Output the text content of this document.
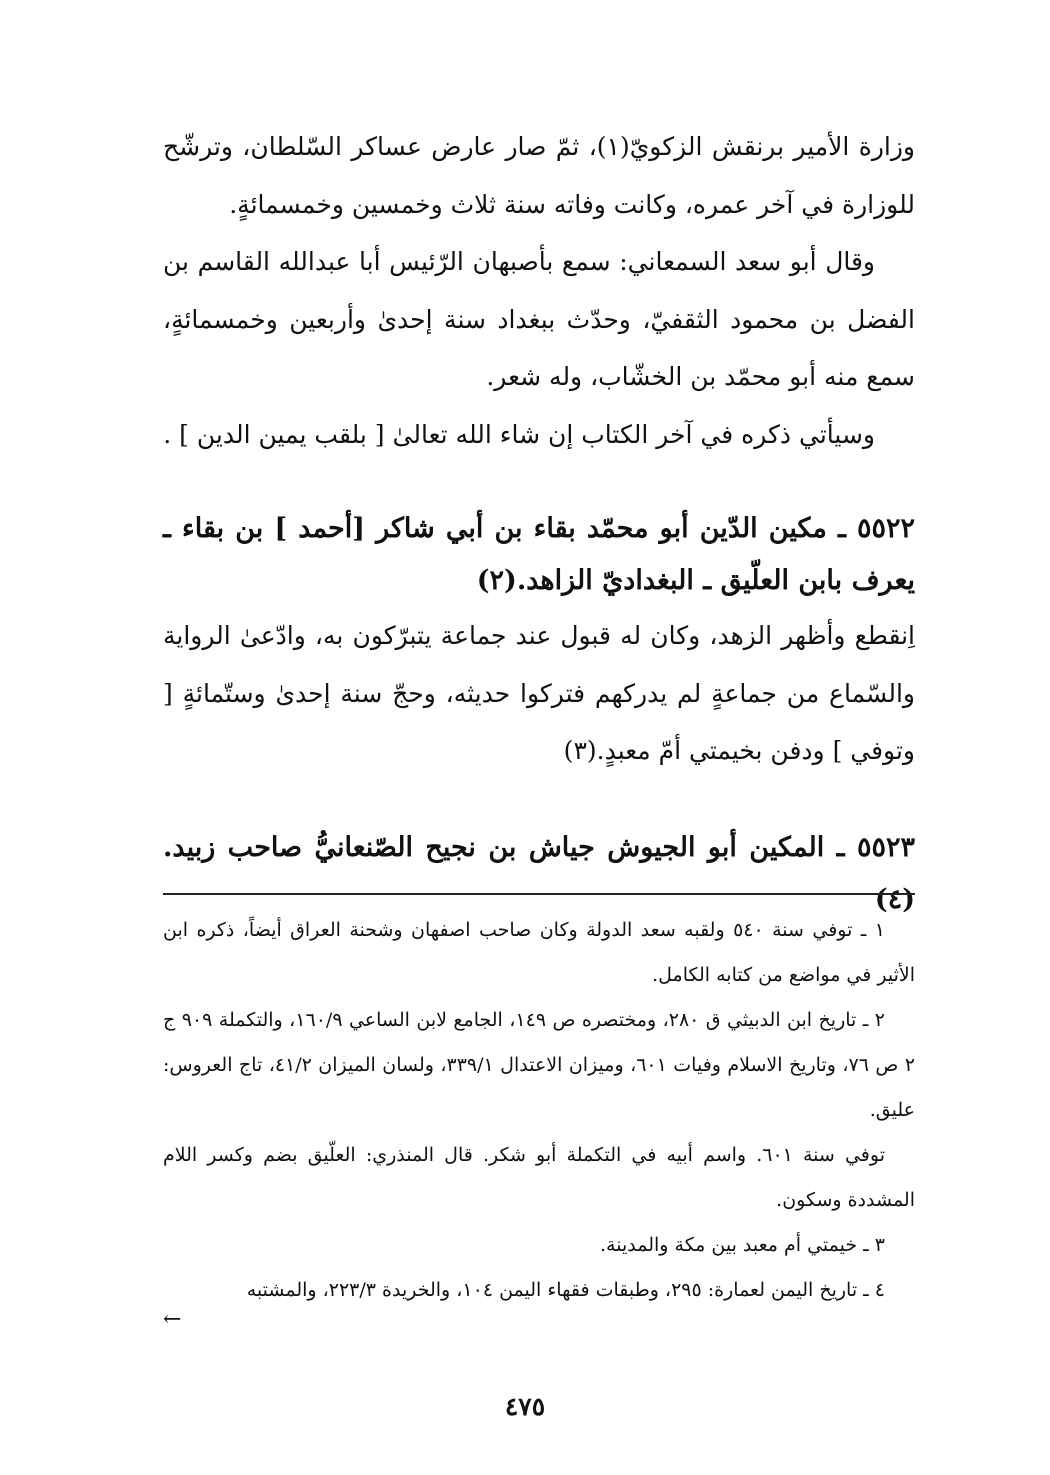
وزارة الأمير برنقش الزكويّ(١)، ثمّ صار عارض عساكر السّلطان، وترشّح للوزارة في آخر عمره، وكانت وفاته سنة ثلاث وخمسين وخمسمائةٍ.

وقال أبو سعد السمعاني: سمع بأصبهان الرّئيس أبا عبدالله القاسم بن الفضل بن محمود الثقفيّ، وحدّث ببغداد سنة إحدىٰ وأربعين وخمسمائةٍ، سمع منه أبو محمّد بن الخشّاب، وله شعر.

وسيأتي ذكره في آخر الكتاب إن شاء الله تعالىٰ [ بلقب يمين الدين ] .

٥٥٢٢ ـ مكين الدّين أبو محمّد بقاء بن أبي شاكر [أحمد ] بن بقاء ـ يعرف بابن العلّيق ـ البغداديّ الزاهد.(٢)

اِنقطع وأظهر الزهد، وكان له قبول عند جماعة يتبرّكون به، وادّعىٰ الرواية والسّماع من جماعةٍ لم يدركهم فتركوا حديثه، وحجّ سنة إحدىٰ وستّمائةٍ [ وتوفي ] ودفن بخيمتي أمّ معبدٍ.(٣)

٥٥٢٣ ـ المكين أبو الجيوش جياش بن نجيح الصّنعانيُّ صاحب زبيد.(٤)

١ ـ توفي سنة ٥٤٠ ولقبه سعد الدولة وكان صاحب اصفهان وشحنة العراق أيضاً، ذكره ابن الأثير في مواضع من كتابه الكامل.

٢ ـ تاريخ ابن الدبيثي ق ٢٨٠، ومختصره ص ١٤٩، الجامع لابن الساعي ١٦٠/٩، والتكملة ٩٠٩ ج ٢ ص ٧٦، وتاريخ الاسلام وفيات ٦٠١، وميزان الاعتدال ٣٣٩/١، ولسان الميزان ٤١/٢، تاج العروس: عليق.

توفي سنة ٦٠١. واسم أبيه في التكملة أبو شكر. قال المنذري: العلّيق بضم وكسر اللام المشددة وسكون.

٣ ـ خيمتي أم معبد بين مكة والمدينة.

٤ ـ تاريخ اليمن لعمارة: ٢٩٥، وطبقات فقهاء اليمن ١٠٤، والخريدة ٢٢٣/٣، والمشتبه

←
٤٧٥
